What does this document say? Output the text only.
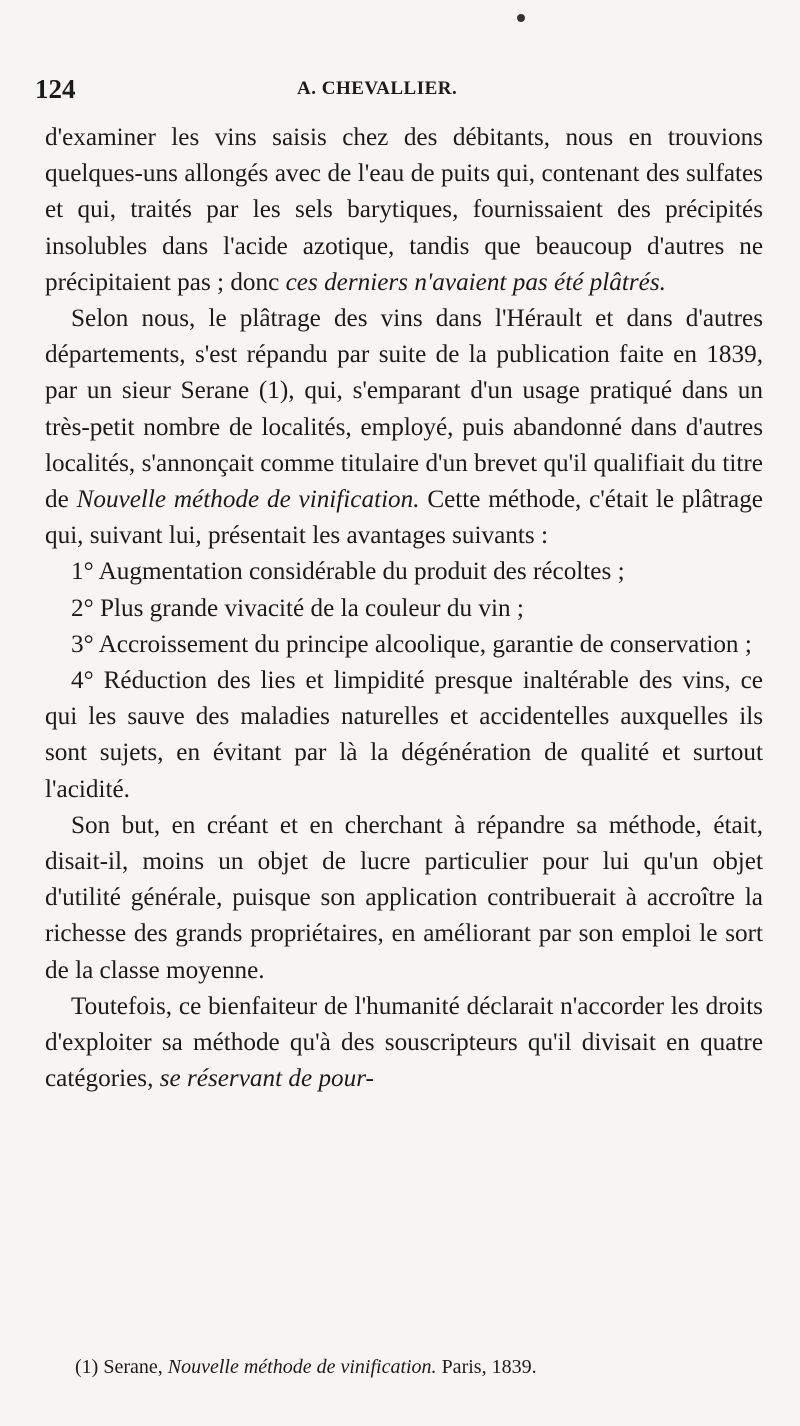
124	A. CHEVALLIER.

d'examiner les vins saisis chez des débitants, nous en trouvions quelques-uns allongés avec de l'eau de puits qui, contenant des sulfates et qui, traités par les sels barytiques, fournissaient des précipités insolubles dans l'acide azotique, tandis que beaucoup d'autres ne précipitaient pas ; donc ces derniers n'avaient pas été plâtrés.

Selon nous, le plâtrage des vins dans l'Hérault et dans d'autres départements, s'est répandu par suite de la publication faite en 1839, par un sieur Serane (1), qui, s'emparant d'un usage pratiqué dans un très-petit nombre de localités, employé, puis abandonné dans d'autres localités, s'annonçait comme titulaire d'un brevet qu'il qualifiait du titre de Nouvelle méthode de vinification. Cette méthode, c'était le plâtrage qui, suivant lui, présentait les avantages suivants :

1° Augmentation considérable du produit des récoltes ;

2° Plus grande vivacité de la couleur du vin ;

3° Accroissement du principe alcoolique, garantie de conservation ;

4° Réduction des lies et limpidité presque inaltérable des vins, ce qui les sauve des maladies naturelles et accidentelles auxquelles ils sont sujets, en évitant par là la dégénération de qualité et surtout l'acidité.

Son but, en créant et en cherchant à répandre sa méthode, était, disait-il, moins un objet de lucre particulier pour lui qu'un objet d'utilité générale, puisque son application contribuerait à accroître la richesse des grands propriétaires, en améliorant par son emploi le sort de la classe moyenne.

Toutefois, ce bienfaiteur de l'humanité déclarait n'accorder les droits d'exploiter sa méthode qu'à des souscripteurs qu'il divisait en quatre catégories, se réservant de pour-

(1) Serane, Nouvelle méthode de vinification. Paris, 1839.
